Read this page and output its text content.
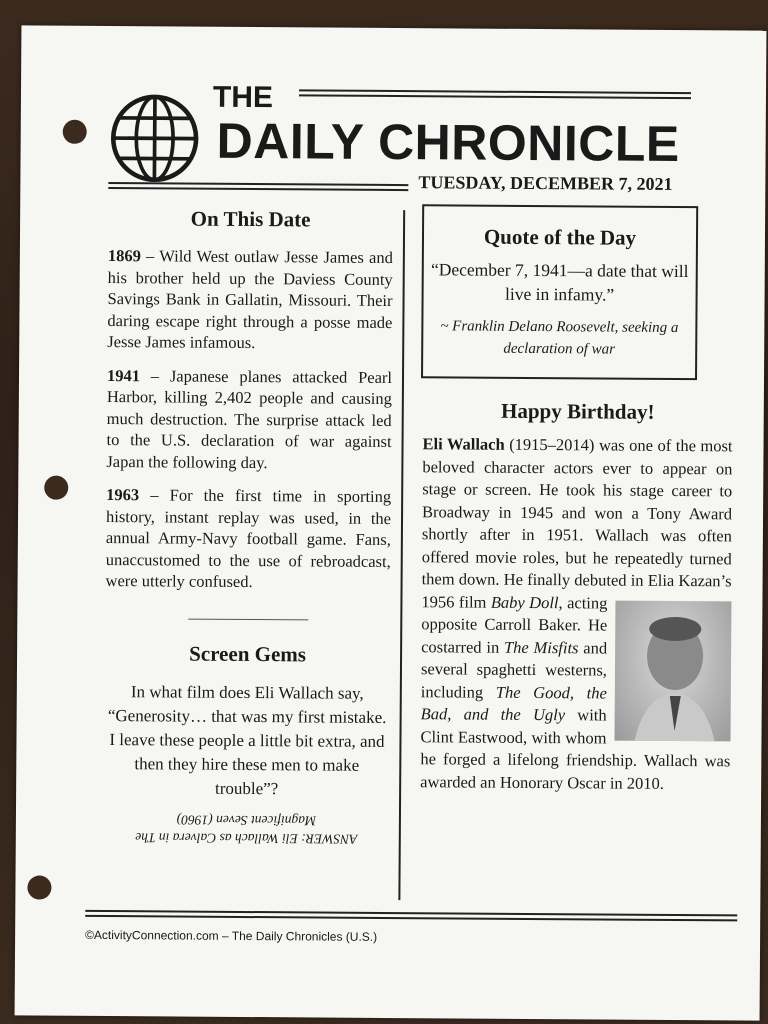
THE
DAILY CHRONICLE
TUESDAY, DECEMBER 7, 2021
On This Date
1869 – Wild West outlaw Jesse James and his brother held up the Daviess County Savings Bank in Gallatin, Missouri. Their daring escape right through a posse made Jesse James infamous.
1941 – Japanese planes attacked Pearl Harbor, killing 2,402 people and causing much destruction. The surprise attack led to the U.S. declaration of war against Japan the following day.
1963 – For the first time in sporting history, instant replay was used, in the annual Army-Navy football game. Fans, unaccustomed to the use of rebroadcast, were utterly confused.
Screen Gems
In what film does Eli Wallach say, “Generosity… that was my first mistake. I leave these people a little bit extra, and then they hire these men to make trouble”?
ANSWER: Eli Wallach as Calvera in The Magnificent Seven (1960)
Quote of the Day
“December 7, 1941—a date that will live in infamy.”
~ Franklin Delano Roosevelt, seeking a declaration of war
Happy Birthday!
Eli Wallach (1915–2014) was one of the most beloved character actors ever to appear on stage or screen. He took his stage career to Broadway in 1945 and won a Tony Award shortly after in 1951. Wallach was often offered movie roles, but he repeatedly turned them down. He finally debuted in Elia Kazan’s 1956 film
Baby Doll, acting opposite Carroll Baker. He costarred in The Misfits and several spaghetti westerns, including The Good, the Bad, and the Ugly with Clint Eastwood, with whom he forged a lifelong friendship. Wallach was awarded an Honorary Oscar in 2010.
©ActivityConnection.com – The Daily Chronicles (U.S.)
